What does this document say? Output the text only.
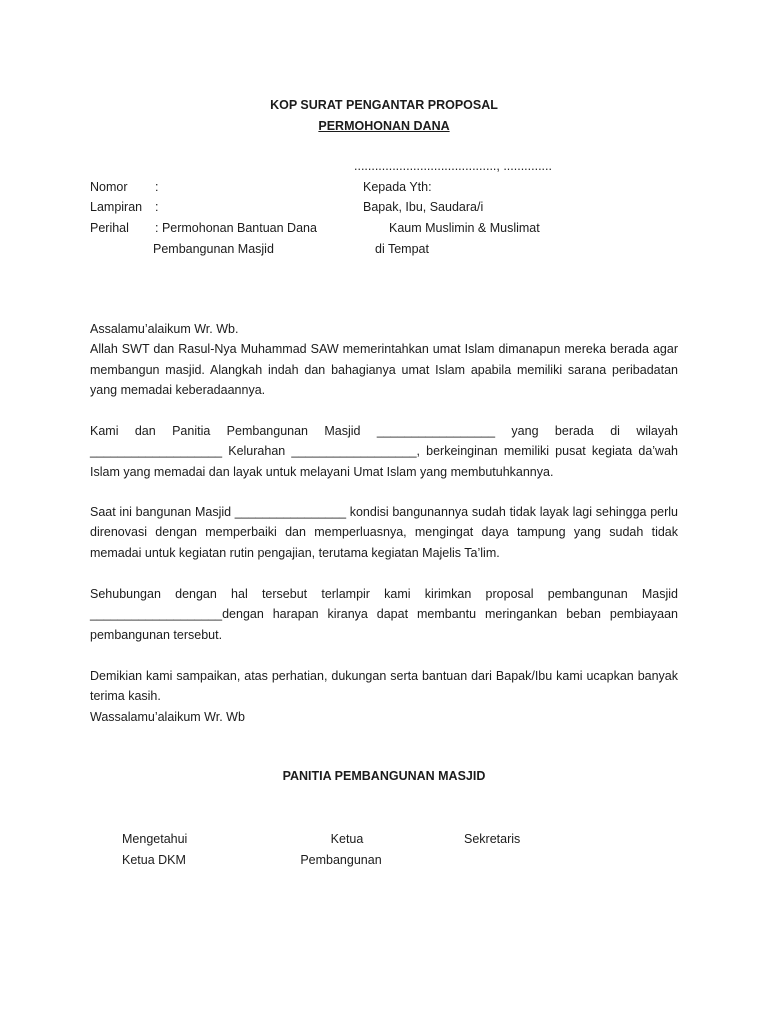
KOP SURAT PENGANTAR PROPOSAL
PERMOHONAN DANA
........................................., ..............
Nomor :
Lampiran :
Perihal : Permohonan Bantuan Dana
Pembangunan Masjid
Kepada Yth:
Bapak, Ibu, Saudara/i
Kaum Muslimin & Muslimat
di Tempat
Assalamu’alaikum Wr. Wb.
Allah SWT dan Rasul-Nya Muhammad SAW memerintahkan umat Islam dimanapun mereka berada agar
membangun masjid. Alangkah indah dan bahagianya umat Islam apabila memiliki sarana peribadatan
yang memadai keberadaannya.
Kami dan Panitia Pembangunan Masjid _________________ yang berada di wilayah
___________________ Kelurahan __________________, berkeinginan memiliki pusat kegiata da’wah
Islam yang memadai dan layak untuk melayani Umat Islam yang membutuhkannya.
Saat ini bangunan Masjid ________________ kondisi bangunannya sudah tidak layak lagi sehingga perlu
direnovasi dengan memperbaiki dan memperluasnya, mengingat daya tampung yang sudah tidak
memadai untuk kegiatan rutin pengajian, terutama kegiatan Majelis Ta’lim.
Sehubungan dengan hal tersebut terlampir kami kirimkan proposal pembangunan Masjid
___________________dengan harapan kiranya dapat membantu meringankan beban pembiayaan
pembangunan tersebut.
Demikian kami sampaikan, atas perhatian, dukungan serta bantuan dari Bapak/Ibu kami ucapkan banyak
terima kasih.
Wassalamu’alaikum Wr. Wb
PANITIA PEMBANGUNAN MASJID
Mengetahui
Ketua DKM
Ketua
Pembangunan
Sekretaris
